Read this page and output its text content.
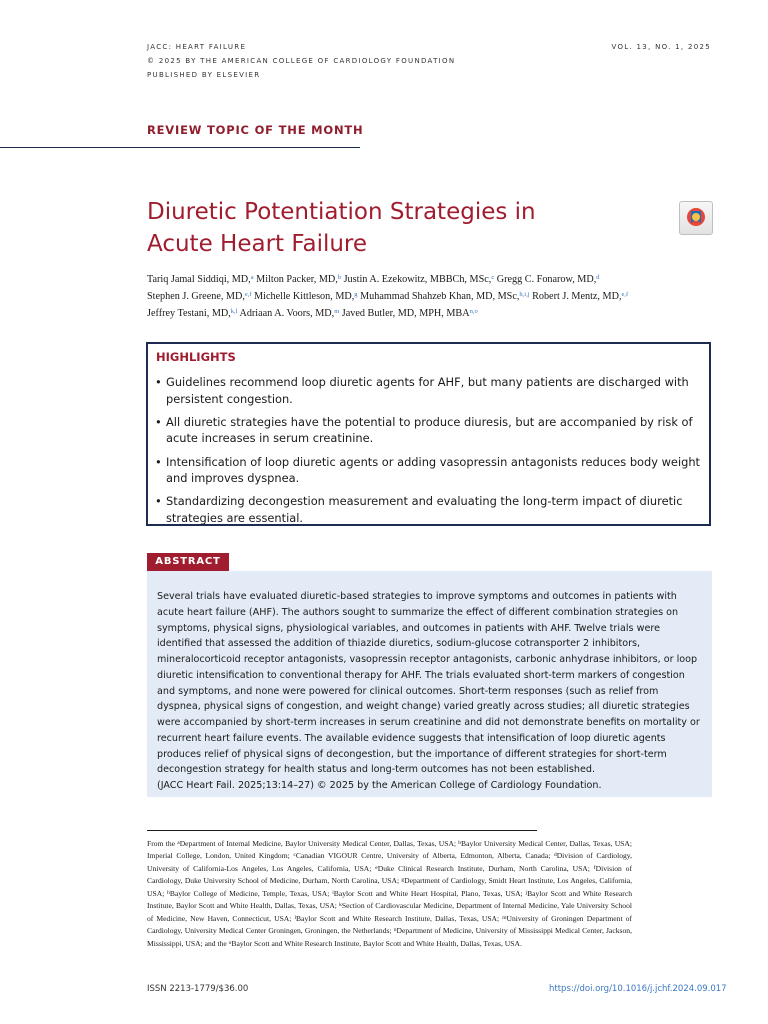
JACC: HEART FAILURE	VOL. 13, NO. 1, 2025
© 2025 BY THE AMERICAN COLLEGE OF CARDIOLOGY FOUNDATION
PUBLISHED BY ELSEVIER
REVIEW TOPIC OF THE MONTH
Diuretic Potentiation Strategies in
Acute Heart Failure
Tariq Jamal Siddiqi, MD,$^a$ Milton Packer, MD,$^b$ Justin A. Ezekowitz, MBBCh, MSc,$^c$ Gregg C. Fonarow, MD,$^d$
Stephen J. Greene, MD,$^{e,f}$ Michelle Kittleson, MD,$^g$ Muhammad Shahzeb Khan, MD, MSc,$^{h,i,j}$ Robert J. Mentz, MD,$^{e,f}$
Jeffrey Testani, MD,$^{k,l}$ Adriaan A. Voors, MD,$^m$ Javed Butler, MD, MPH, MBA$^{n,o}$
HIGHLIGHTS
• Guidelines recommend loop diuretic agents for AHF, but many patients are discharged with persistent congestion.
• All diuretic strategies have the potential to produce diuresis, but are accompanied by risk of acute increases in serum creatinine.
• Intensification of loop diuretic agents or adding vasopressin antagonists reduces body weight and improves dyspnea.
• Standardizing decongestion measurement and evaluating the long-term impact of diuretic strategies are essential.
ABSTRACT
Several trials have evaluated diuretic-based strategies to improve symptoms and outcomes in patients with acute heart failure (AHF). The authors sought to summarize the effect of different combination strategies on symptoms, physical signs, physiological variables, and outcomes in patients with AHF. Twelve trials were identified that assessed the addition of thiazide diuretics, sodium-glucose cotransporter 2 inhibitors, mineralocorticoid receptor antagonists, vasopressin receptor antagonists, carbonic anhydrase inhibitors, or loop diuretic intensification to conventional therapy for AHF. The trials evaluated short-term markers of congestion and symptoms, and none were powered for clinical outcomes. Short-term responses (such as relief from dyspnea, physical signs of congestion, and weight change) varied greatly across studies; all diuretic strategies were accompanied by short-term increases in serum creatinine and did not demonstrate benefits on mortality or recurrent heart failure events. The available evidence suggests that intensification of loop diuretic agents produces relief of physical signs of decongestion, but the importance of different strategies for short-term decongestion strategy for health status and long-term outcomes has not been established.
(JACC Heart Fail. 2025;13:14–27) © 2025 by the American College of Cardiology Foundation.
From the $^a$Department of Internal Medicine, Baylor University Medical Center, Dallas, Texas, USA; $^b$Baylor University Medical Center, Dallas, Texas, USA; Imperial College, London, United Kingdom; $^c$Canadian VIGOUR Centre, University of Alberta, Edmonton, Alberta, Canada; $^d$Division of Cardiology, University of California-Los Angeles, Los Angeles, California, USA; $^e$Duke Clinical Research Institute, Durham, North Carolina, USA; $^f$Division of Cardiology, Duke University School of Medicine, Durham, North Carolina, USA; $^g$Department of Cardiology, Smidt Heart Institute, Los Angeles, California, USA; $^h$Baylor College of Medicine, Temple, Texas, USA; $^i$Baylor Scott and White Heart Hospital, Plano, Texas, USA; $^j$Baylor Scott and White Research Institute, Baylor Scott and White Health, Dallas, Texas, USA; $^k$Section of Cardiovascular Medicine, Department of Internal Medicine, Yale University School of Medicine, New Haven, Connecticut, USA; $^l$Baylor Scott and White Research Institute, Dallas, Texas, USA; $^m$University of Groningen Department of Cardiology, University Medical Center Groningen, Groningen, the Netherlands; $^n$Department of Medicine, University of Mississippi Medical Center, Jackson, Mississippi, USA; and the $^o$Baylor Scott and White Research Institute, Baylor Scott and White Health, Dallas, Texas, USA.
ISSN 2213-1779/$36.00	https://doi.org/10.1016/j.jchf.2024.09.017
